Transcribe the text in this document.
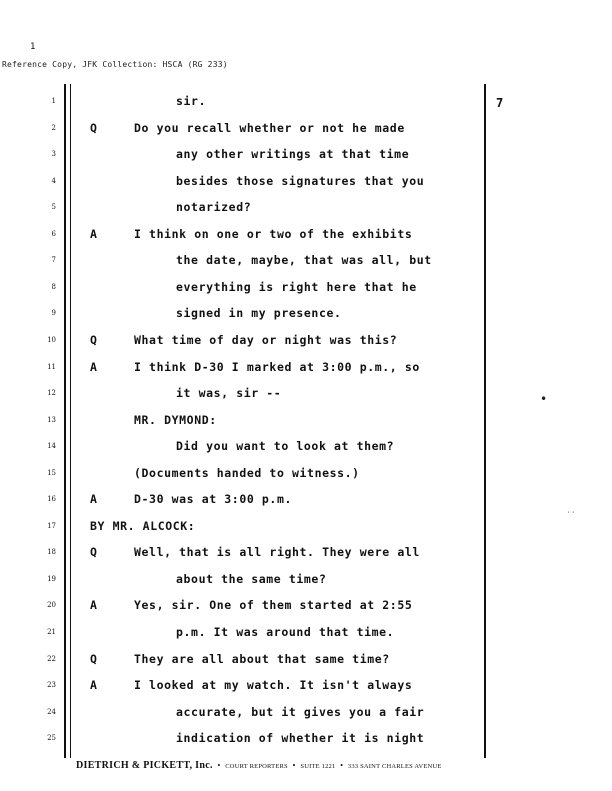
1
Reference Copy, JFK Collection: HSCA (RG 233)
7
1	sir.
2	Q	Do you recall whether or not he made
3	any other writings at that time
4	besides those signatures that you
5	notarized?
6	A	I think on one or two of the exhibits
7	the date, maybe, that was all, but
8	everything is right here that he
9	signed in my presence.
10	Q	What time of day or night was this?
11	A	I think D-30 I marked at 3:00 p.m., so
12	it was, sir --
13	MR. DYMOND:
14	Did you want to look at them?
15	(Documents handed to witness.)
16	A	D-30 was at 3:00 p.m.
17	BY MR. ALCOCK:
18	Q	Well, that is all right. They were all
19	about the same time?
20	A	Yes, sir. One of them started at 2:55
21	p.m. It was around that time.
22	Q	They are all about that same time?
23	A	I looked at my watch. It isn't always
24	accurate, but it gives you a fair
25	indication of whether it is night
DIETRICH & PICKETT, Inc. • COURT REPORTERS • SUITE 1221 • 333 SAINT CHARLES AVENUE
•
⋅⋅
